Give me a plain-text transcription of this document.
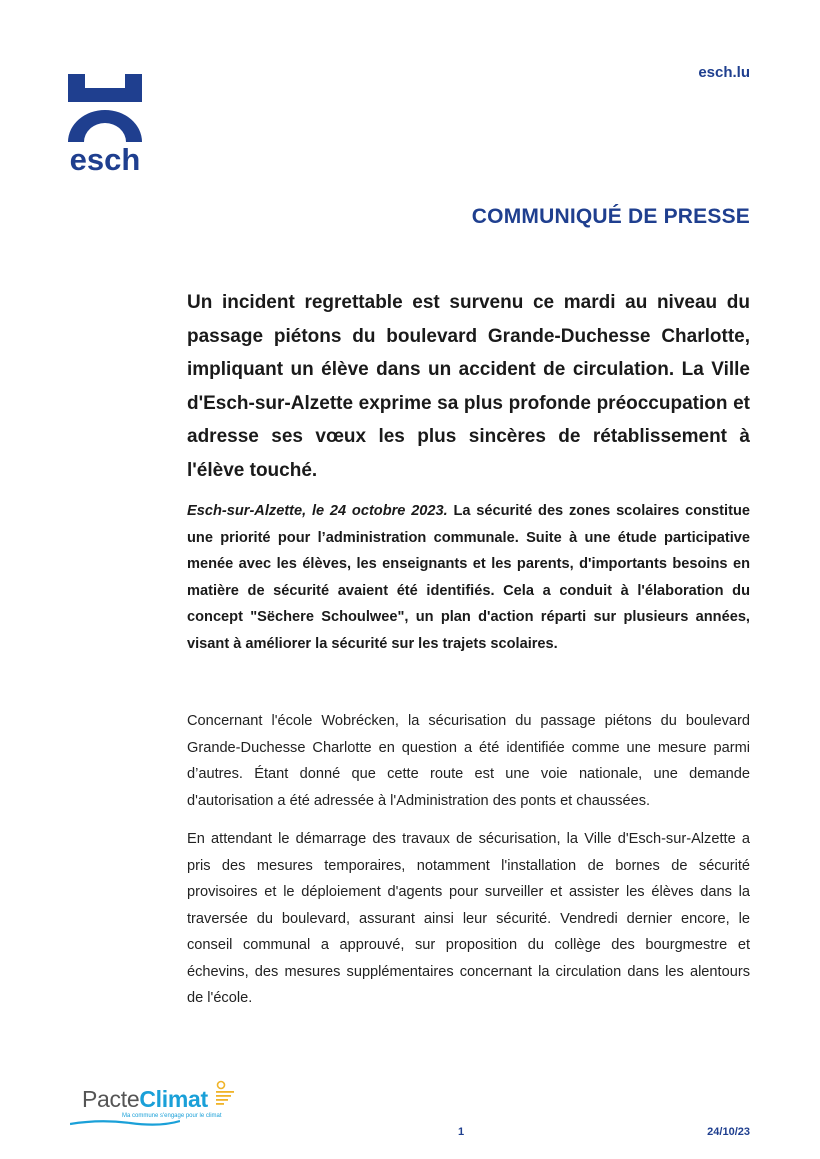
esch
esch.lu
COMMUNIQUÉ DE PRESSE

Un incident regrettable est survenu ce mardi au niveau du passage piétons du boulevard Grande-Duchesse Charlotte, impliquant un élève dans un accident de circulation. La Ville d'Esch-sur-Alzette exprime sa plus profonde préoccupation et adresse ses vœux les plus sincères de rétablissement à l'élève touché.

Esch-sur-Alzette, le 24 octobre 2023. La sécurité des zones scolaires constitue une priorité pour l’administration communale. Suite à une étude participative menée avec les élèves, les enseignants et les parents, d'importants besoins en matière de sécurité avaient été identifiés. Cela a conduit à l'élaboration du concept "Sëchere Schoulwee", un plan d'action réparti sur plusieurs années, visant à améliorer la sécurité sur les trajets scolaires.

Concernant l'école Wobrécken, la sécurisation du passage piétons du boulevard Grande-Duchesse Charlotte en question a été identifiée comme une mesure parmi d’autres. Étant donné que cette route est une voie nationale, une demande d'autorisation a été adressée à l'Administration des ponts et chaussées.

En attendant le démarrage des travaux de sécurisation, la Ville d'Esch-sur-Alzette a pris des mesures temporaires, notamment l'installation de bornes de sécurité provisoires et le déploiement d'agents pour surveiller et assister les élèves dans la traversée du boulevard, assurant ainsi leur sécurité. Vendredi dernier encore, le conseil communal a approuvé, sur proposition du collège des bourgmestre et échevins, des mesures supplémentaires concernant la circulation dans les alentours de l'école.

PacteClimat
Ma commune s'engage pour le climat
1	24/10/23
